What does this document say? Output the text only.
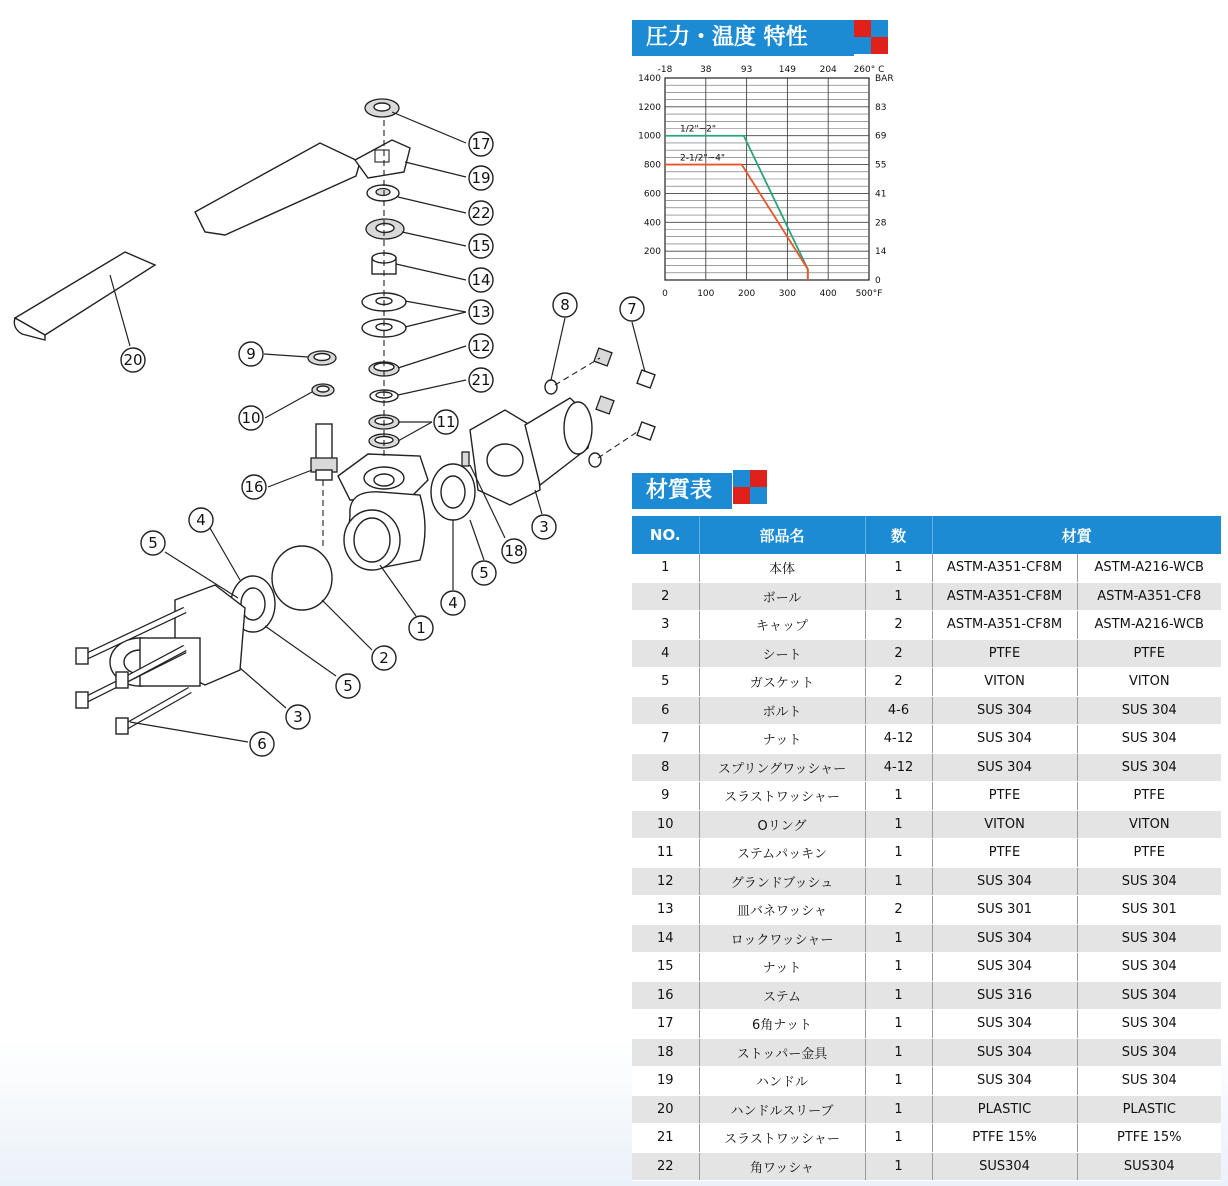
1
2
3
3
4
4
5
5
5
6
7
8
9
10	11
12
13
14
15
16
17
18
19
20
21
22
圧力・温度 特性
1/2"~2"
2-1/2"~4"
1400
1200
1000
800
600
400
200
BAR
83
69
55
41
28
14
0
-18	38	93	149	204 260° C
0	100	200	300	400 500°F
材質表
NO.	部品名	数	材質	
1	本体	1	ASTM-A351-CF8M	ASTM-A216-WCB
2	ボール	1	ASTM-A351-CF8M	ASTM-A351-CF8
3	キャップ	2	ASTM-A351-CF8M	ASTM-A216-WCB
4	シート	2	PTFE	PTFE
5	ガスケット	2	VITON	VITON
6	ボルト	4-6	SUS 304	SUS 304
7	ナット	4-12	SUS 304	SUS 304
8	スプリングワッシャー	4-12	SUS 304	SUS 304
9	スラストワッシャー	1	PTFE	PTFE
10	Oリング	1	VITON	VITON
11	ステムパッキン	1	PTFE	PTFE
12	グランドブッシュ	1	SUS 304	SUS 304
13	皿バネワッシャ	2	SUS 301	SUS 301
14	ロックワッシャー	1	SUS 304	SUS 304
15	ナット	1	SUS 304	SUS 304
16	ステム	1	SUS 316	SUS 304
17	6角ナット	1	SUS 304	SUS 304
18	ストッパー金具	1	SUS 304	SUS 304
19	ハンドル	1	SUS 304	SUS 304
20	ハンドルスリーブ	1	PLASTIC	PLASTIC
21	スラストワッシャー	1	PTFE 15%	PTFE 15%
22	角ワッシャ	1	SUS304	SUS304
